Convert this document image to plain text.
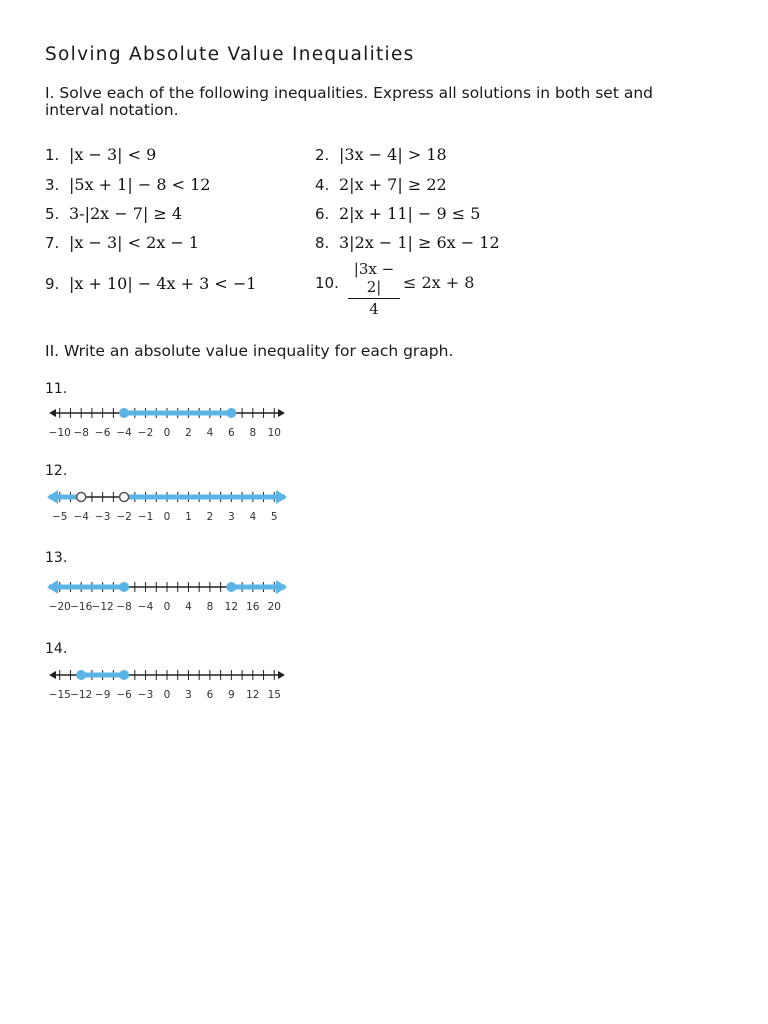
Solving Absolute Value Inequalities
I. Solve each of the following inequalities. Express all solutions in both set and interval notation.
1. |x − 3| < 9	2. |3x − 4| > 18
3. |5x + 1| − 8 < 12	4. 2|x + 7| ≥ 22
5. 3-|2x − 7| ≥ 4	6. 2|x + 11| − 9 ≤ 5
7. |x − 3| < 2x − 1	8. 3|2x − 1| ≥ 6x − 12
9. |x + 10| − 4x + 3 < −1	10. $\frac{|3x - 2|}{4} \le 2x + 8$
II. Write an absolute value inequality for each graph.
11.
12.
13.
14.
−10 −8 −6 −4 −2 0 2 4 6 8 10
−5 −4 −3 −2 −1 0 1 2 3 4 5
−20 −16 −12 −8 −4 0 4 8 12 16 20
−15 −12 −9 −6 −3 0 3 6 9 12 15
